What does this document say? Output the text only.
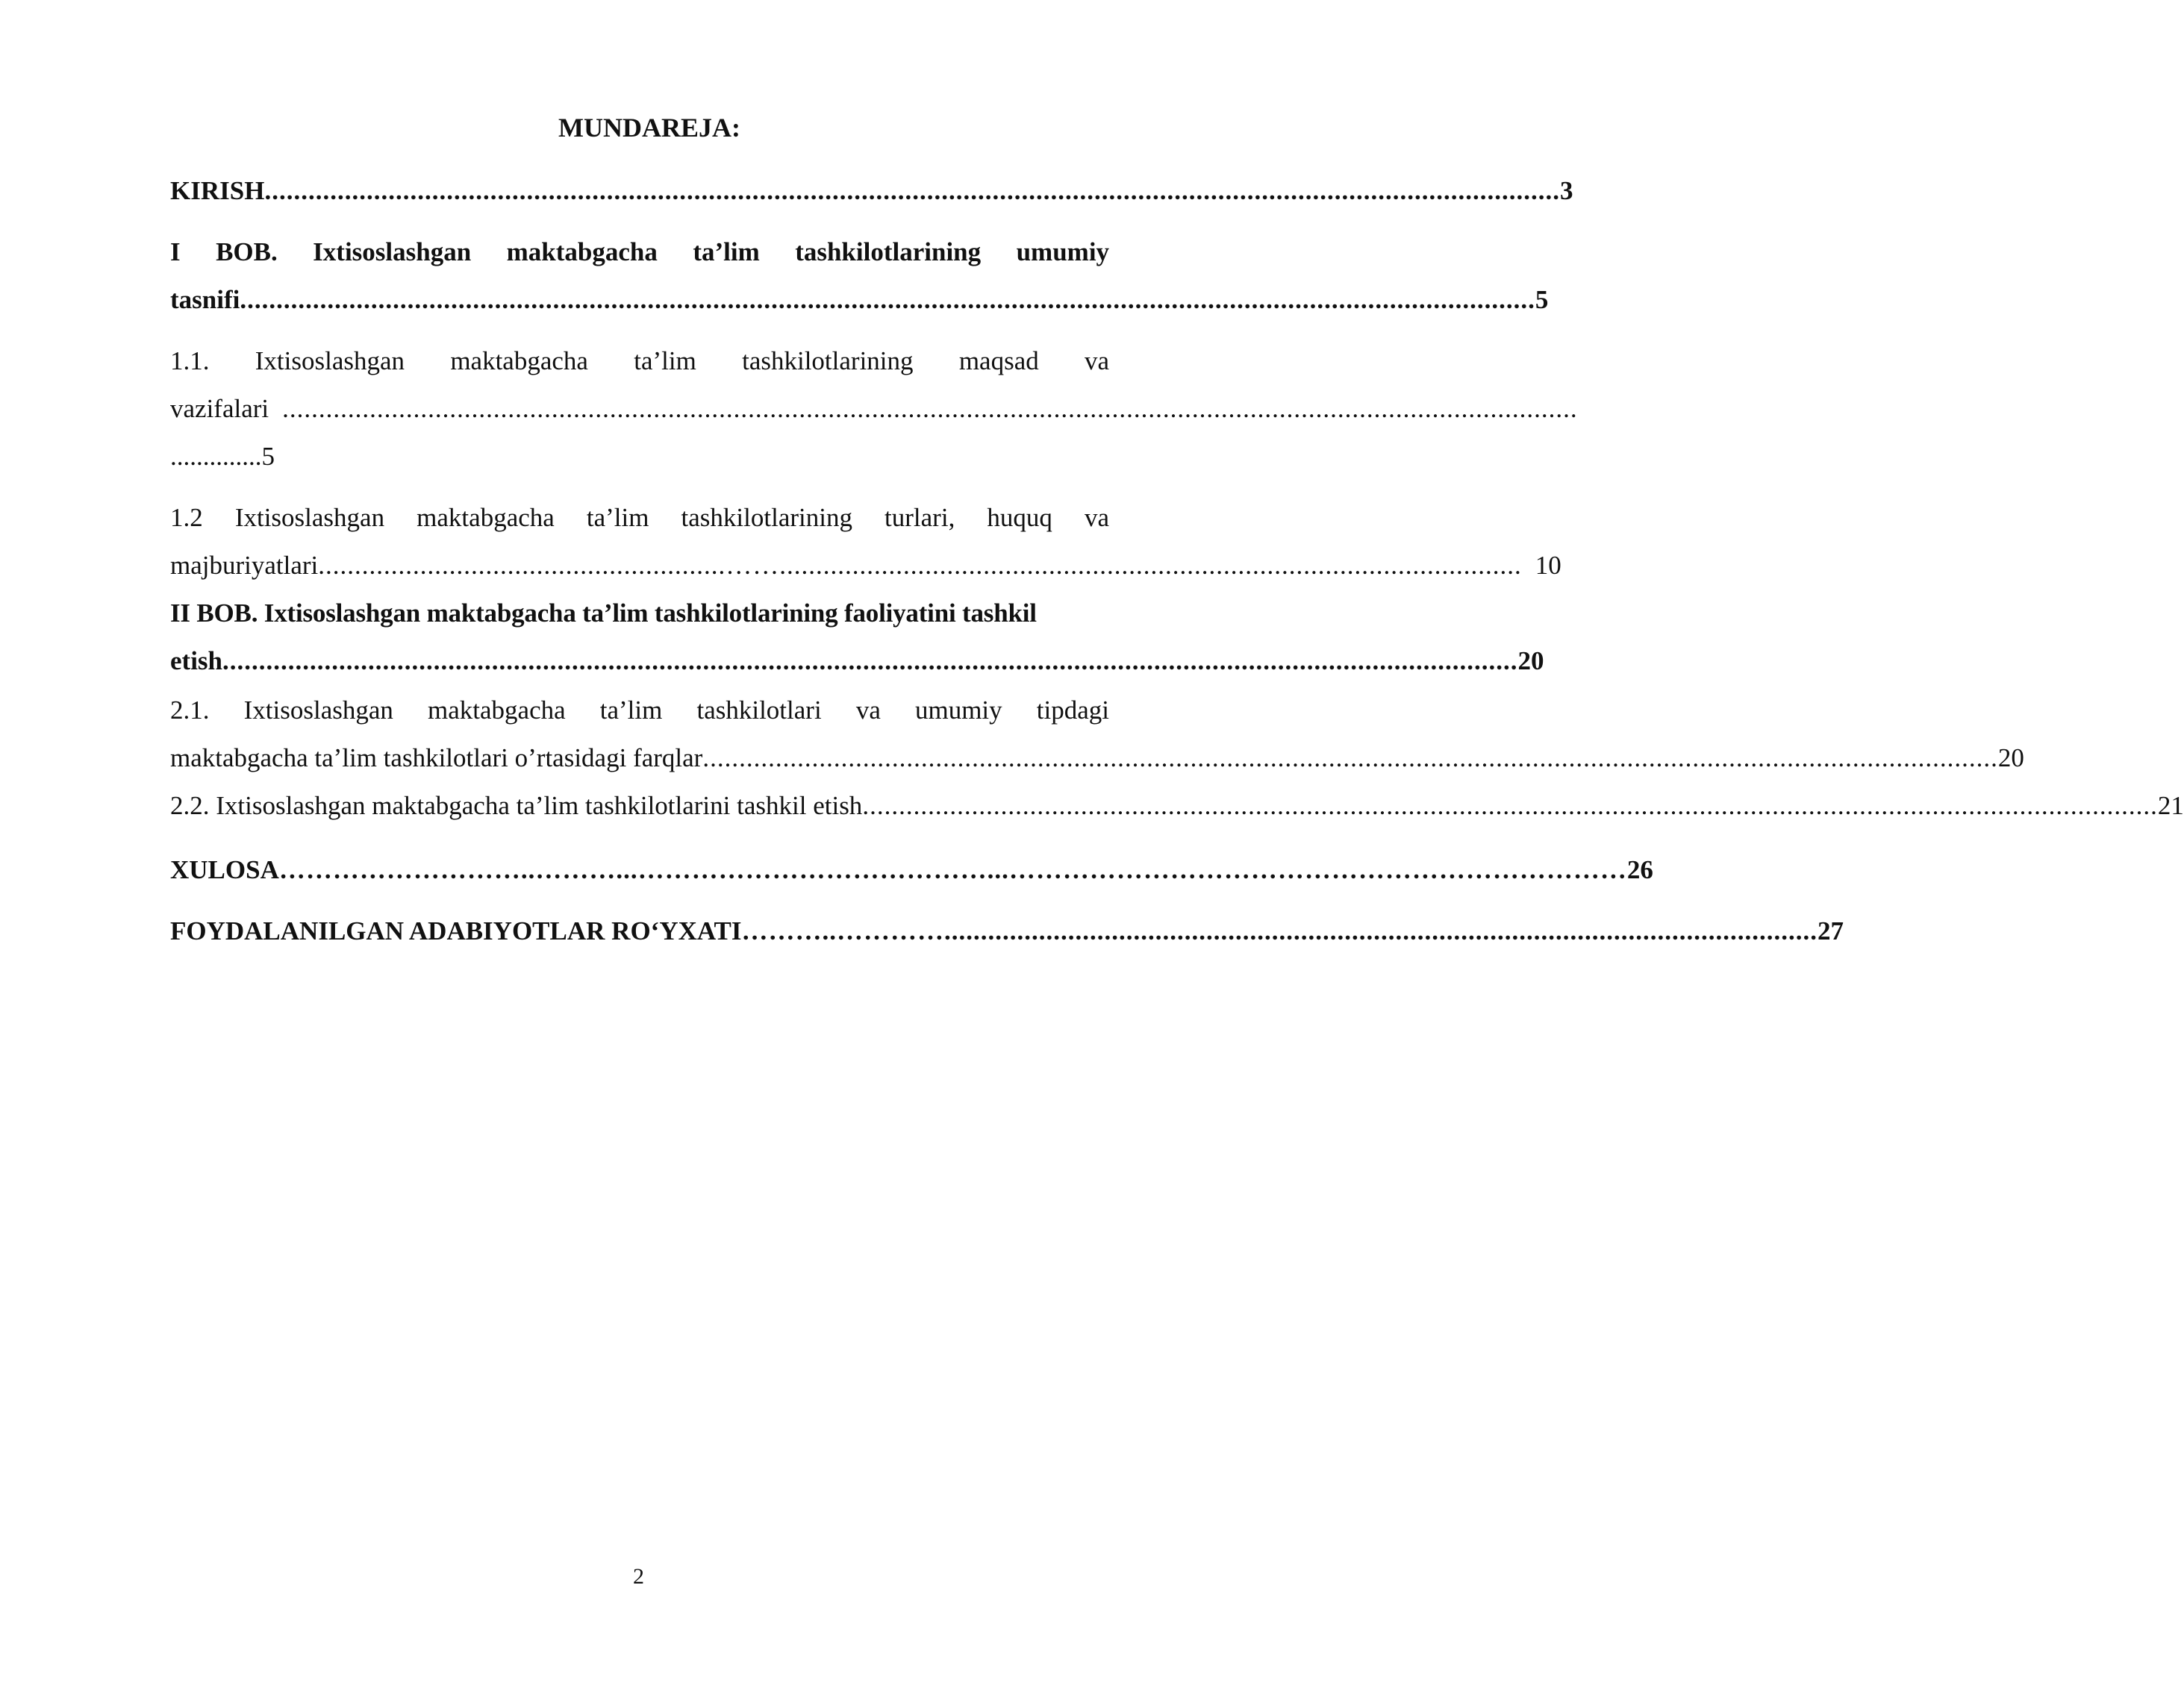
MUNDAREJA:
KIRISH .................................................................................................................................................................................. 3
I BOB. Ixtisoslashgan maktabgacha ta’lim tashkilotlarining umumiy
tasnifi .................................................................................................................................................................................. 5
1.1. Ixtisoslashgan maktabgacha ta’lim tashkilotlarining maqsad va
vazifalari ..................................................................................................................................................................................
..............5
1.2 Ixtisoslashgan maktabgacha ta’lim tashkilotlarining turlari, huquq va
majburiyatlari ........................................................……...................................................................................................... 10
II BOB. Ixtisoslashgan maktabgacha ta’lim tashkilotlarining faoliyatini tashkil
etish .................................................................................................................................................................................. 20
2.1. Ixtisoslashgan maktabgacha ta’lim tashkilotlari va umumiy tipdagi
maktabgacha ta’lim tashkilotlari o’rtasidagi farqlar .................................................................................................................................................................................. 20
2.2. Ixtisoslashgan maktabgacha ta’lim tashkilotlarini tashkil etish .................................................................................................................................................................................. 21
XULOSA ………………………..………...…………………………………...…………………………………………………………… 26
FOYDALANILGAN ADABIYOTLAR RO‘YXATI ………..…………........................................................................................................................ 27
2
